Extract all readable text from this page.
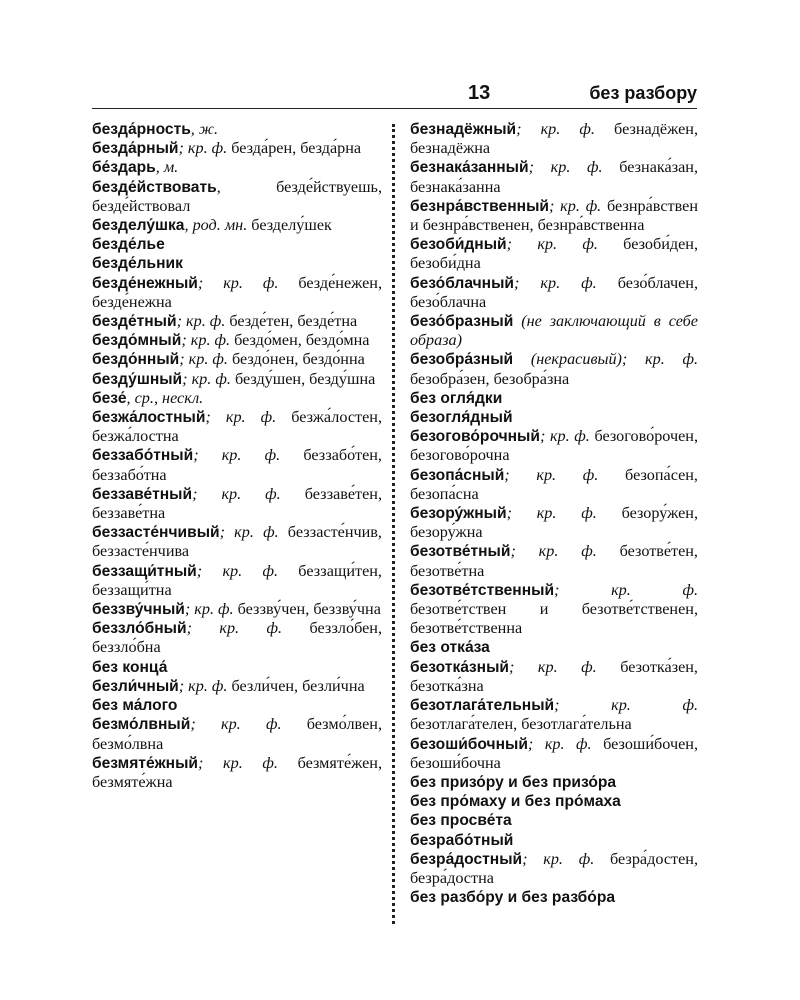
13	без разбору

безда́рность, ж.

безда́рный; кр. ф. безда́рен, безда́рна

бе́здарь, м.

безде́йствовать, безде́йствуешь, безде́йствовал

безделу́шка, род. мн. безделу́шек

безде́лье

безде́льник

безде́нежный; кр. ф. безде́нежен, безде́нежна

безде́тный; кр. ф. безде́тен, безде́тна

бездо́мный; кр. ф. бездо́мен, бездо́мна

бездо́нный; кр. ф. бездо́нен, бездо́нна

безду́шный; кр. ф. безду́шен, безду́шна

безе́, ср., нескл.

безжа́лостный; кр. ф. безжа́лостен, безжа́лостна

беззабо́тный; кр. ф. беззабо́тен, беззабо́тна

беззаве́тный; кр. ф. беззаве́тен, беззаве́тна

беззасте́нчивый; кр. ф. беззасте́нчив, беззасте́нчива

беззащи́тный; кр. ф. беззащи́тен, беззащи́тна

беззву́чный; кр. ф. беззву́чен, беззву́чна

беззло́бный; кр. ф. беззло́бен, беззло́бна

без конца́

безли́чный; кр. ф. безли́чен, безли́чна

без ма́лого

безмо́лвный; кр. ф. безмо́лвен, безмо́лвна

безмяте́жный; кр. ф. безмяте́жен, безмяте́жна

безнадёжный; кр. ф. безнадёжен, безнадёжна

безнака́занный; кр. ф. безнака́зан, безнака́занна

безнра́вственный; кр. ф. безнра́вствен и безнра́вственен, безнра́вственна

безоби́дный; кр. ф. безоби́ден, безоби́дна

безо́блачный; кр. ф. безо́блачен, безо́блачна

безо́бразный (не заключающий в себе образа)

безобра́зный (некрасивый); кр. ф. безобра́зен, безобра́зна

без огля́дки

безогля́дный

безогово́рочный; кр. ф. безогово́рочен, безогово́рочна

безопа́сный; кр. ф. безопа́сен, безопа́сна

безору́жный; кр. ф. безору́жен, безору́жна

безотве́тный; кр. ф. безотве́тен, безотве́тна

безотве́тственный; кр. ф. безотве́тствен и безотве́тственен, безотве́тственна

без отка́за

безотка́зный; кр. ф. безотка́зен, безотка́зна

безотлага́тельный; кр. ф. безотлага́телен, безотлага́тельна

безоши́бочный; кр. ф. безоши́бочен, безоши́бочна

без призо́ру и без призо́ра

без про́маху и без про́маха

без просве́та

безрабо́тный

безра́достный; кр. ф. безра́достен, безра́достна

без разбо́ру и без разбо́ра
